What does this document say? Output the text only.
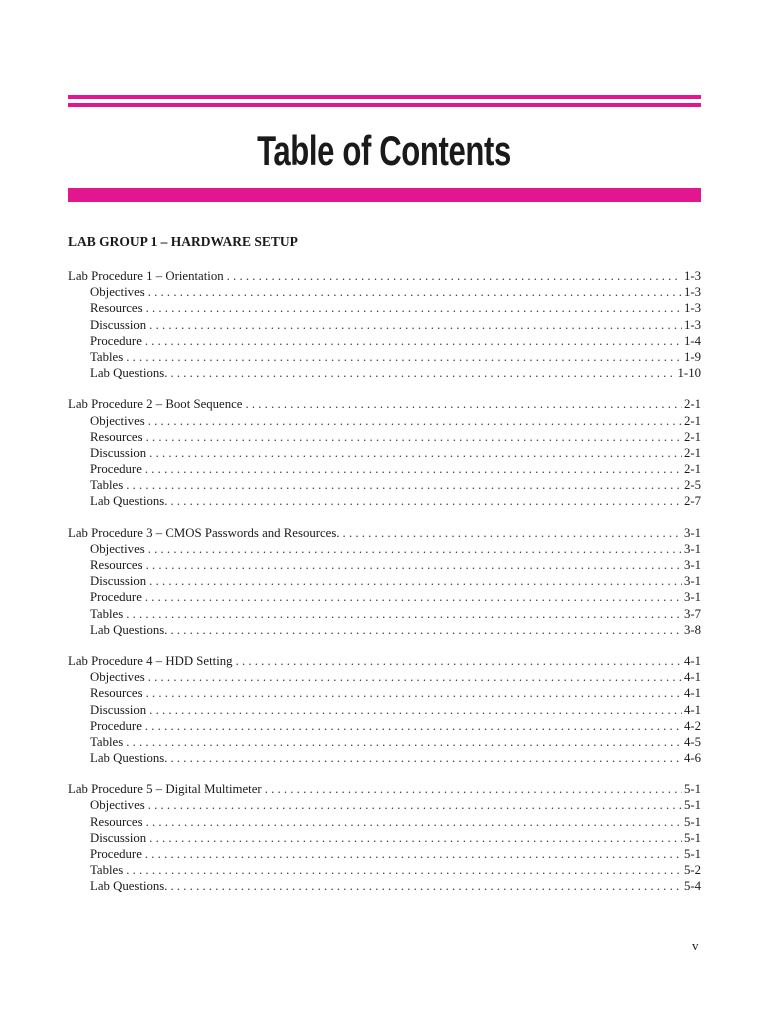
Table of Contents
LAB GROUP 1 – HARDWARE SETUP
Lab Procedure 1 – Orientation . . .	1-3
Objectives . . .	1-3
Resources . . .	1-3
Discussion . . .	1-3
Procedure . . .	1-4
Tables . . .	1-9
Lab Questions. . . .	1-10
Lab Procedure 2 – Boot Sequence . . .	2-1
Objectives . . .	2-1
Resources . . .	2-1
Discussion . . .	2-1
Procedure . . .	2-1
Tables . . .	2-5
Lab Questions. . . .	2-7
Lab Procedure 3 – CMOS Passwords and Resources. . . .	3-1
Objectives . . .	3-1
Resources . . .	3-1
Discussion . . .	3-1
Procedure . . .	3-1
Tables . . .	3-7
Lab Questions. . . .	3-8
Lab Procedure 4 – HDD Setting . . .	4-1
Objectives . . .	4-1
Resources . . .	4-1
Discussion . . .	4-1
Procedure . . .	4-2
Tables . . .	4-5
Lab Questions. . . .	4-6
Lab Procedure 5 – Digital Multimeter . . .	5-1
Objectives . . .	5-1
Resources . . .	5-1
Discussion . . .	5-1
Procedure . . .	5-1
Tables . . .	5-2
Lab Questions. . . .	5-4
v
